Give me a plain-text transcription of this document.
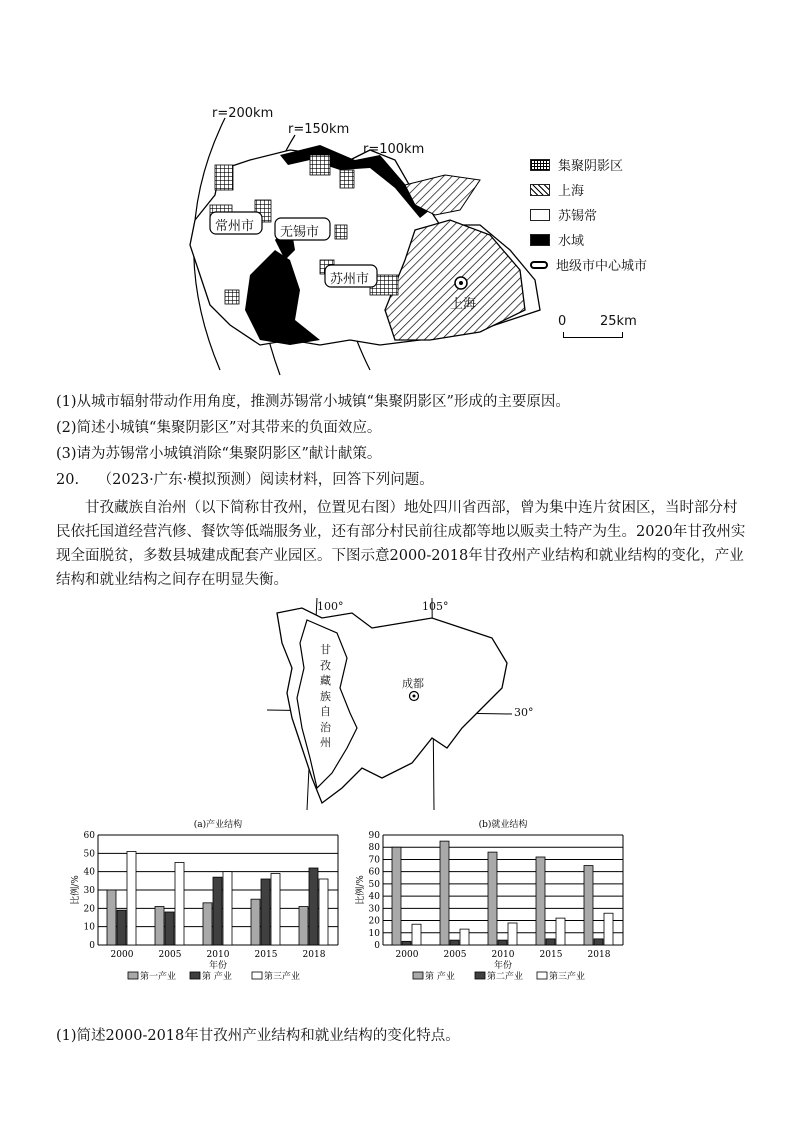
r=200km
r=150km
r=100km
常州市 无锡市
苏州市
上海
集聚阴影区
上海
苏锡常
水域
地级市中心城市
0	25km
(1)从城市辐射带动作用角度，推测苏锡常小城镇“集聚阴影区”形成的主要原因。
(2)简述小城镇“集聚阴影区”对其带来的负面效应。
(3)请为苏锡常小城镇消除“集聚阴影区”献计献策。
20. （2023·广东·模拟预测）阅读材料，回答下列问题。
甘孜藏族自治州（以下简称甘孜州，位置见右图）地处四川省西部，曾为集中连片贫困区，当时部分村民依托国道经营汽修、餐饮等低端服务业，还有部分村民前往成都等地以贩卖土特产为生。2020年甘孜州实现全面脱贫，多数县城建成配套产业园区。下图示意2000-2018年甘孜州产业结构和就业结构的变化，产业结构和就业结构之间存在明显失衡。
100°	105°
30°
成都
甘
孜
藏
族
自
治
州
(a)产业结构
0
10
20
30
40
50
60
比例/%
2000	2005	2010	2015	2018
年份
第一产业	第 产业	第三产业
(b)就业结构
0
10
20
30
40
50
60
70
80
90
比例/%
2000	2005	2010	2015	2018
年份
第 产业	第二产业	第三产业
(1)简述2000-2018年甘孜州产业结构和就业结构的变化特点。
